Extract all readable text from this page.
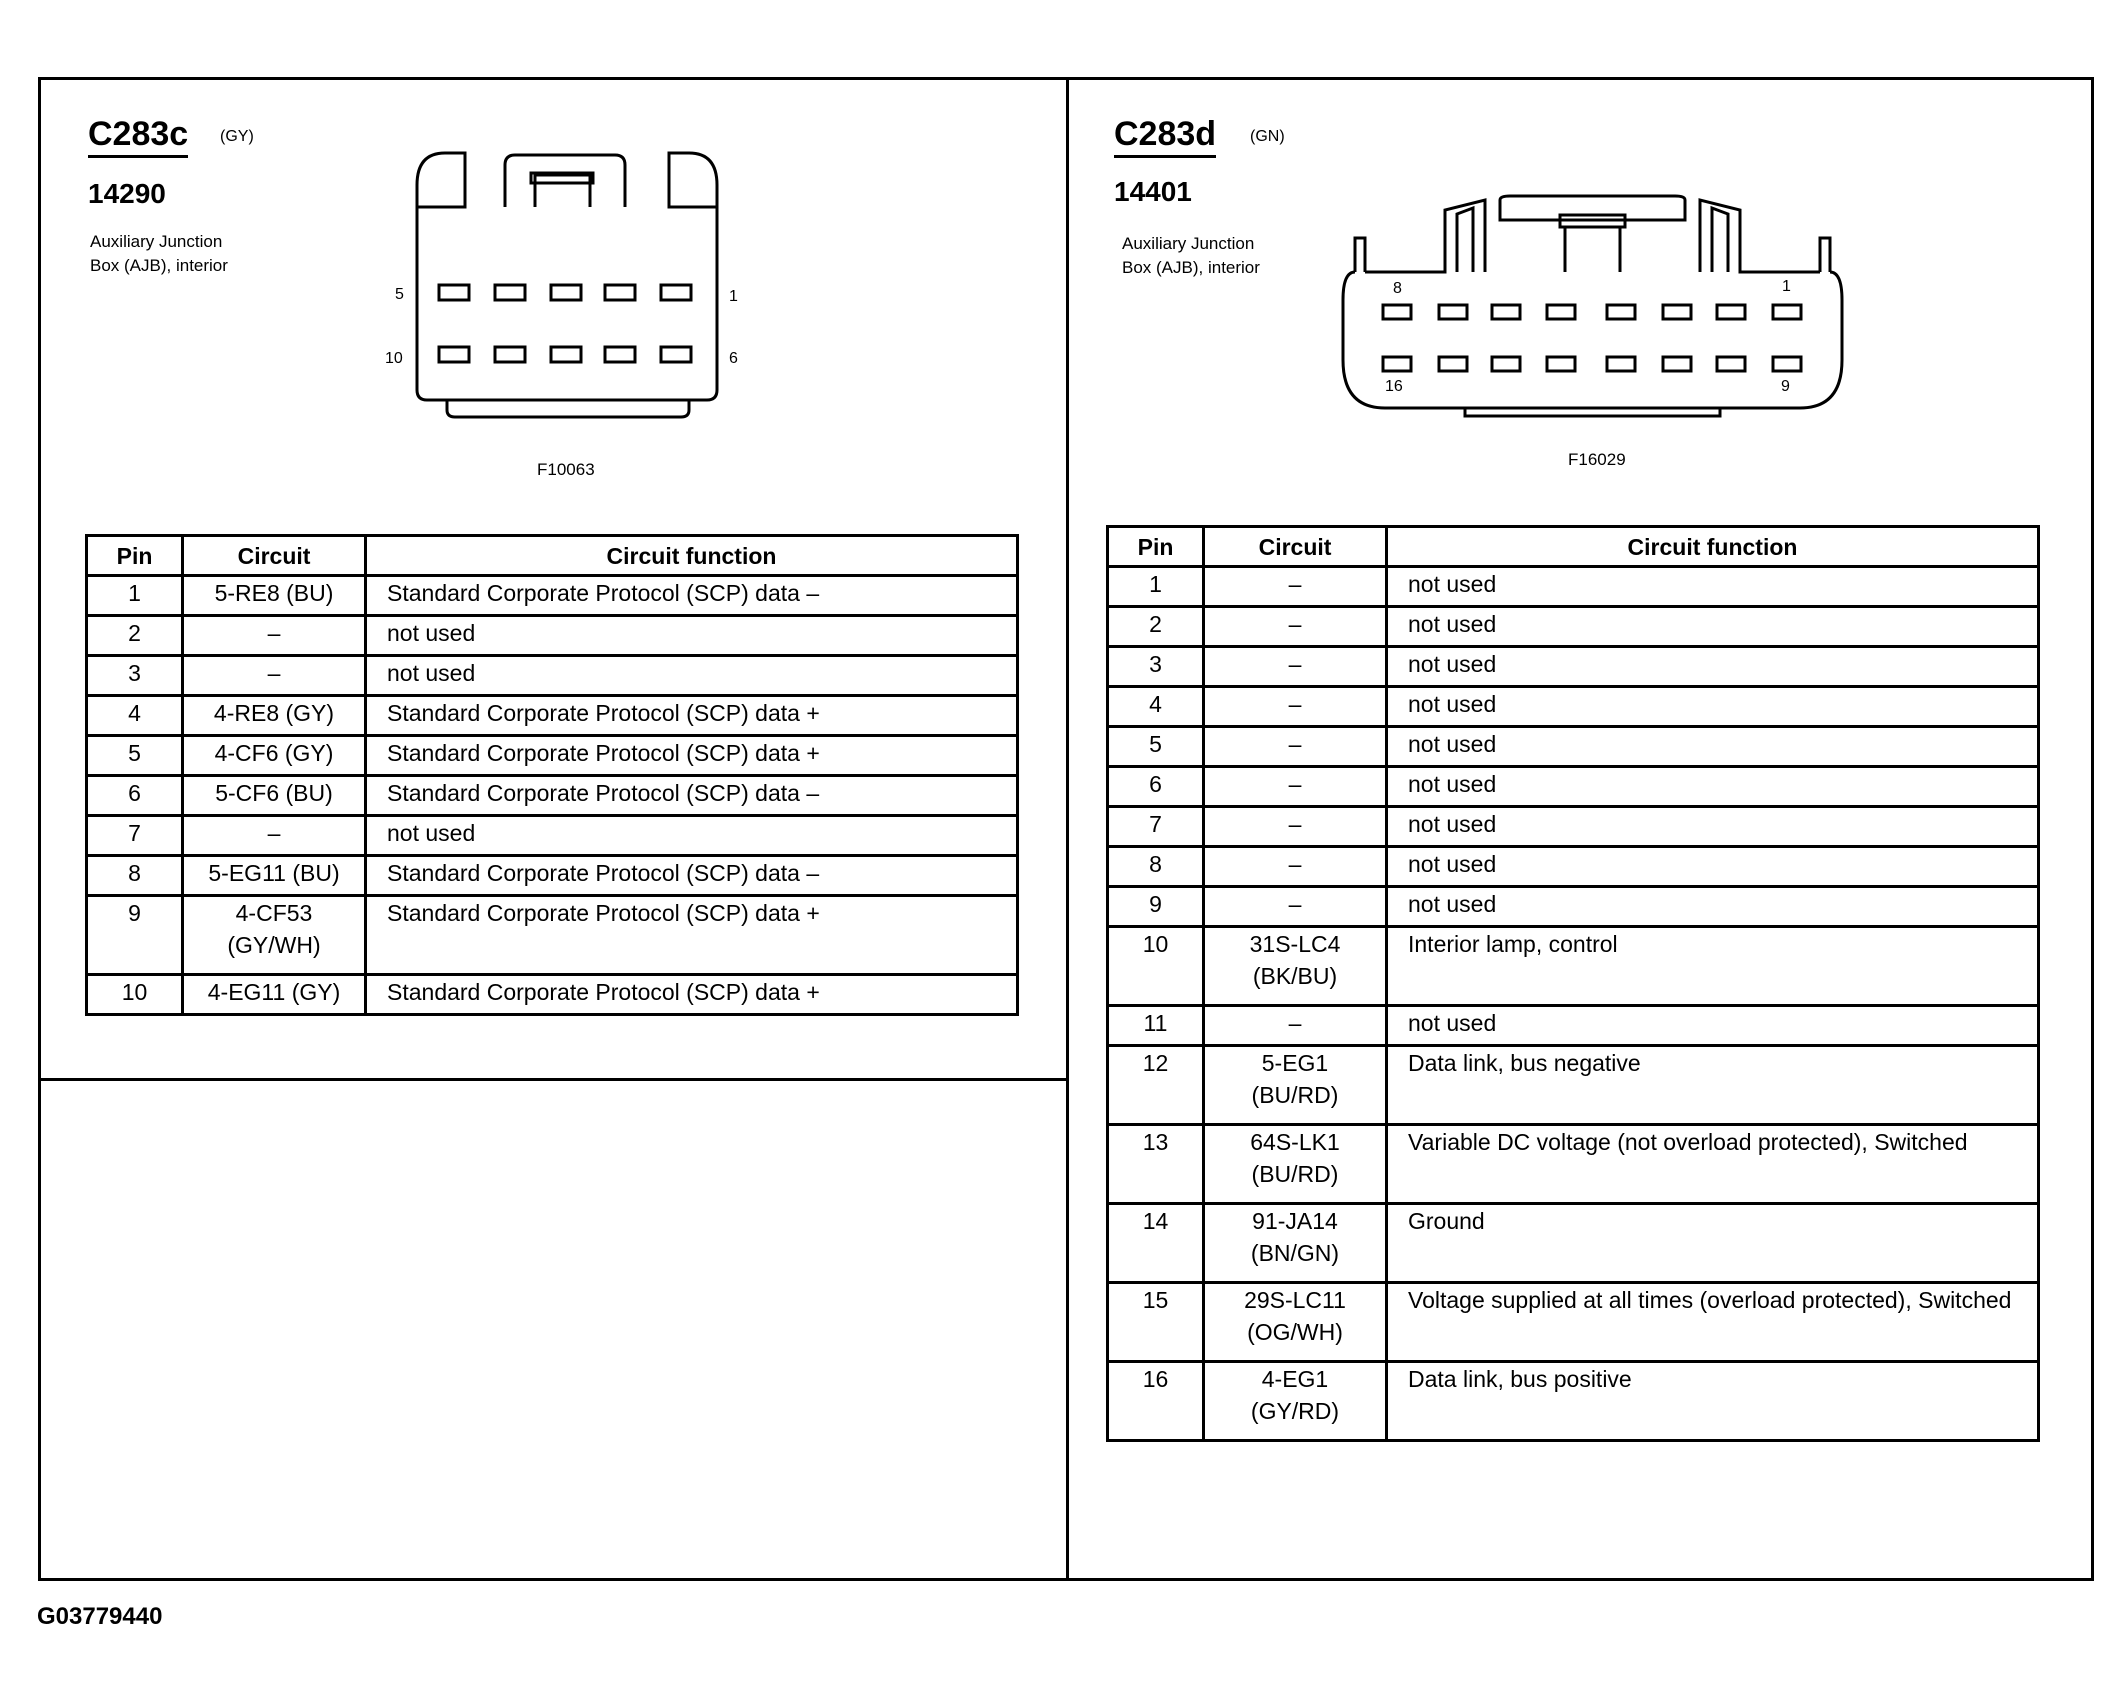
C283c (GY)
14290
Auxiliary Junction
Box (AJB), interior
5	1
10	6
F10063
Pin	Circuit	Circuit function
1	5-RE8 (BU)	Standard Corporate Protocol (SCP) data –
2	–	not used
3	–	not used
4	4-RE8 (GY)	Standard Corporate Protocol (SCP) data +
5	4-CF6 (GY)	Standard Corporate Protocol (SCP) data +
6	5-CF6 (BU)	Standard Corporate Protocol (SCP) data –
7	–	not used
8	5-EG11 (BU)	Standard Corporate Protocol (SCP) data –
9	4-CF53
(GY/WH)	Standard Corporate Protocol (SCP) data +
10	4-EG11 (GY)	Standard Corporate Protocol (SCP) data +
C283d (GN)
14401
Auxiliary Junction
Box (AJB), interior
8	1
16	9
F16029
Pin	Circuit	Circuit function
1	–	not used
2	–	not used
3	–	not used
4	–	not used
5	–	not used
6	–	not used
7	–	not used
8	–	not used
9	–	not used
10	31S-LC4
(BK/BU)	Interior lamp, control
11	–	not used
12	5-EG1
(BU/RD)	Data link, bus negative
13	64S-LK1
(BU/RD)	Variable DC voltage (not overload protected), Switched
14	91-JA14
(BN/GN)	Ground
15	29S-LC11
(OG/WH)	Voltage supplied at all times (overload protected), Switched
16	4-EG1
(GY/RD)	Data link, bus positive
G03779440
